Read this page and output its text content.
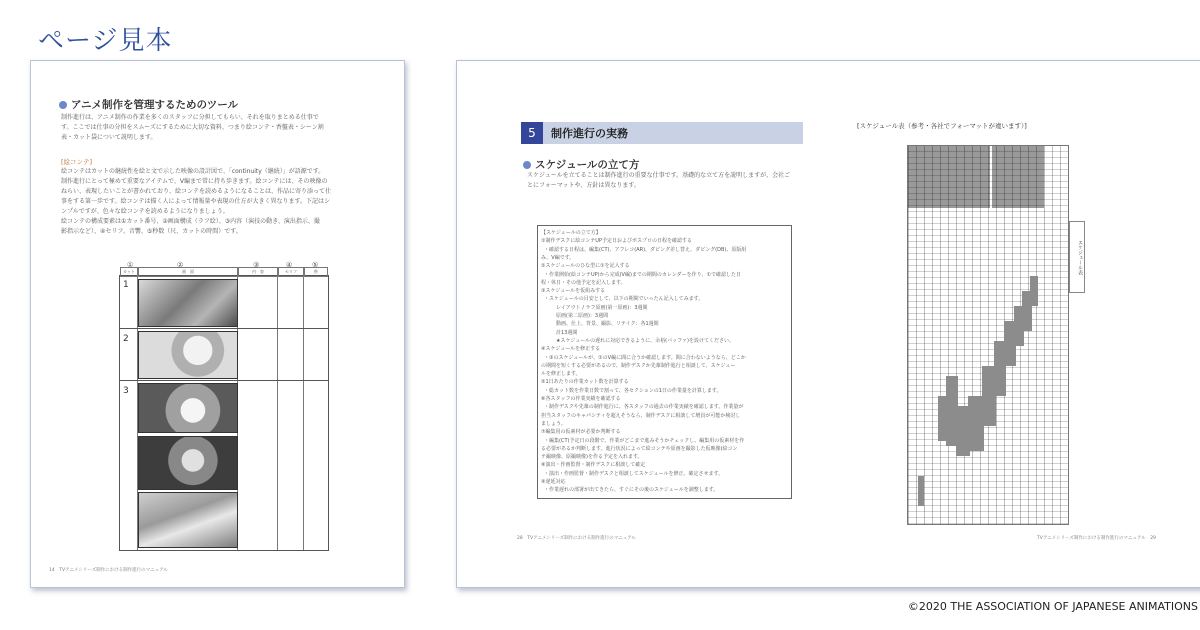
ページ見本
アニメ制作を管理するためのツール
制作進行は、アニメ制作の作業を多くのスタッフに分担してもらい、それを取りまとめる仕事で
す。ここでは仕事の分担をスムーズにするために大切な資料、つまり絵コンテ・香盤表・シーン割
表・カット袋について説明します。
[絵コンテ]
絵コンテはカットの継続性を絵と文で示した映像の設計図で、「continuity（継続）」が語源です。
制作進行にとって極めて重要なアイテムで、V編まで常に持ち歩きます。絵コンテには、その映像の
ねらい、表現したいことが書かれており、絵コンテを読めるようになることは、作品に寄り添って仕
事をする第一歩です。絵コンテは描く人によって情報量や表現の仕方が大きく異なります。下記はシ
ンプルですが、色々な絵コンテを読めるようになりましょう。
絵コンテの構成要素は①カット番号、②画面構成（ラフ絵）、③内容（演技の動き、演出指示、撮
影指示など）、④セリフ、音響、⑤秒数（尺、カットの時間）です。
①	②	③	④	⑤
カット	画　面	内　容	セリフ	秒
1
2
3
14　TVアニメシリーズ制作における制作進行のマニュアル
5	制作進行の実務
スケジュールの立て方
スケジュールを立てることは制作進行の重要な仕事です。基礎的な立て方を説明しますが、会社ご
とにフォーマットや、方針は異なります。
【スケジュールの立て方】
①制作デスクに絵コンテUP予定日およびポスプロの日程を確認する
・確認する日程は、編集(CT)、アフレコ(AR)、ダビング差し替え、ダビング(DB)、原版組
み、V編です。
②スケジュールのひな型に①を記入する
・作業開始(絵コンテUP)から完成(V編)までの期間のカレンダーを作り、①で確認した日
程・休日・その他予定を記入します。
③スケジュールを仮組みする
・スケジュールの目安として、以下の期間でいったん記入してみます。
レイアウト / ラフ原画(第一原画)：3週間
原画(第二原画)：3週間
動画、仕上、背景、撮影、リテイク：各1週間
計13週間
★スケジュールの遅れに対応できるように、余裕(バッファ)を設けてください。
④スケジュールを修正する
・③のスケジュールが、①のV編に間に合うか確認します。間に合わないようなら、どこか
の期間を短くする必要があるので、制作デスクか先輩制作進行と相談して、スケジュー
ルを修正します。
⑤1日あたりの作業カット数を計算する
・総カット数を作業日数で割って、各セクションの1日の作業量を計算します。
⑥各スタッフの作業実績を確認する
・制作デスクや先輩の制作進行に、各スタッフの過去の作業実績を確認します。作業量が
担当スタッフのキャパシティを超えそうなら、制作デスクに相談して増員が可能か検討し
ましょう。
⑦編集用の仮素材が必要か判断する
・編集(CT)予定日の段階で、作業がどこまで進みそうかチェックし、編集用の仮素材を作
る必要があるか判断します。進行状況によって絵コンテや原画を撮影した仮映像(絵コン
テ撮映像、原撮映像)を作る予定を入れます。
⑧演出・作画監督・制作デスクに相談して確定
・演出・作画監督・制作デスクと相談してスケジュールを修正、確定させます。
⑨遅延対応
・作業遅れの部署が出てきたら、すぐにその後のスケジュールを調整します。
[スケジュール表（参考・各社でフォーマットが違います）]
スケジュール表
28　TVアニメシリーズ制作における制作進行のマニュアル	TVアニメシリーズ制作における制作進行のマニュアル　29
©2020 THE ASSOCIATION OF JAPANESE ANIMATIONS
